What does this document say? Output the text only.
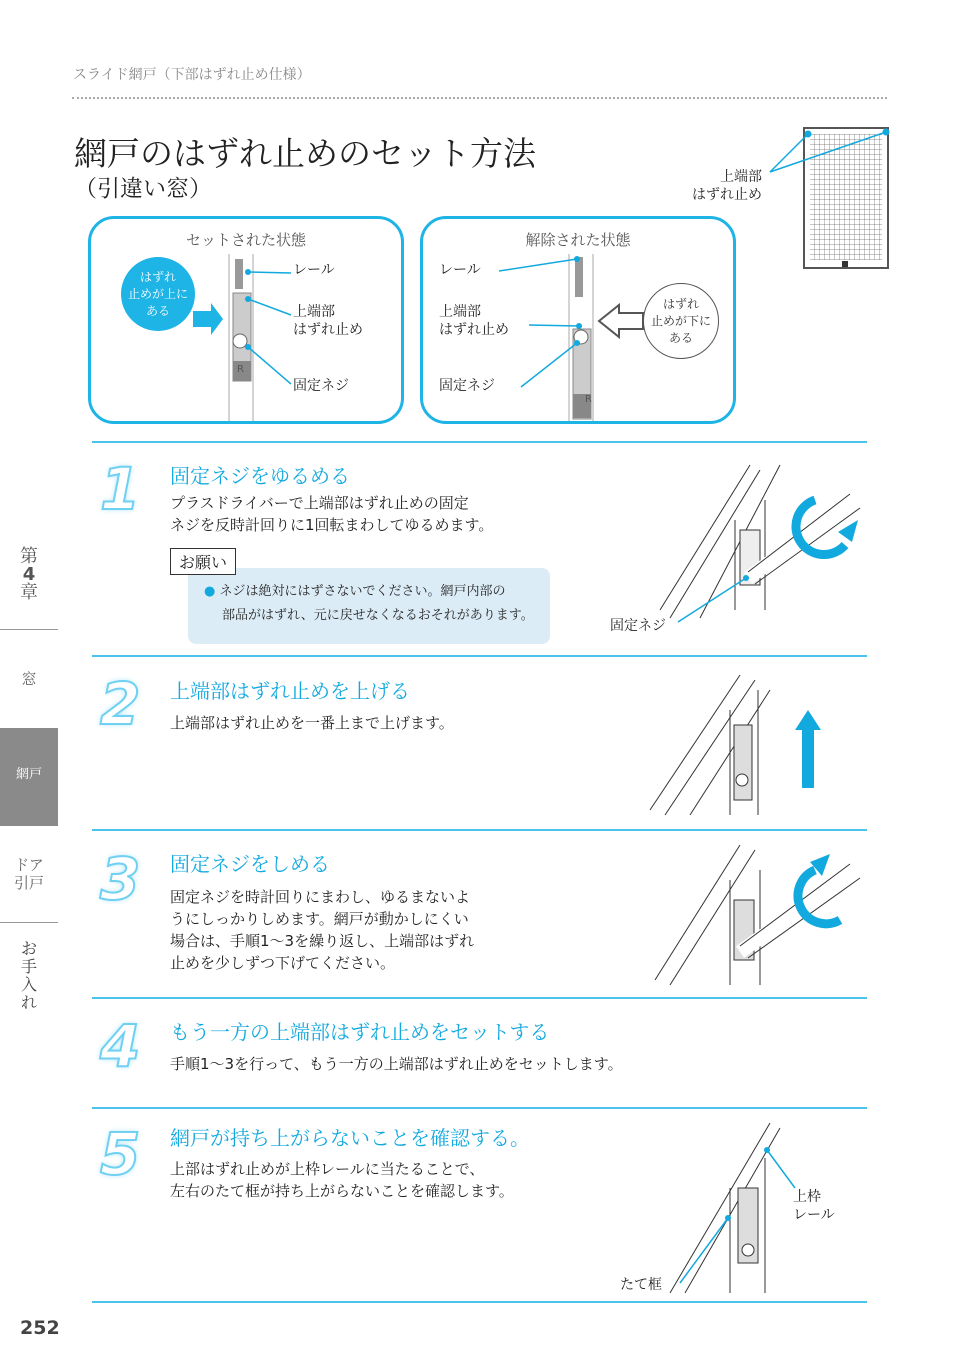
スライド網戸（下部はずれ止め仕様）
網戸のはずれ止めのセット方法
（引違い窓）	上端部
はずれ止め
セットされた状態
はずれ
止めが上に
ある
R
レール
上端部
はずれ止め
固定ネジ
解除された状態
レール
上端部
はずれ止め
固定ネジ
R
はずれ
止めが下に
ある
1 固定ネジをゆるめる
プラスドライバーで上端部はずれ止めの固定
ネジを反時計回りに1回転まわしてゆるめます。
● ネジは絶対にはずさないでください。網戸内部の
部品がはずれ、元に戻せなくなるおそれがあります。
お願い
固定ネジ
2 上端部はずれ止めを上げる
上端部はずれ止めを一番上まで上げます。
3 固定ネジをしめる
固定ネジを時計回りにまわし、ゆるまないよ
うにしっかりしめます。網戸が動かしにくい
場合は、手順1〜3を繰り返し、上端部はずれ
止めを少しずつ下げてください。
4 もう一方の上端部はずれ止めをセットする
手順1〜3を行って、もう一方の上端部はずれ止めをセットします。
5 網戸が持ち上がらないことを確認する。
上部はずれ止めが上枠レールに当たることで、
左右のたて框が持ち上がらないことを確認します。	上枠
レール
たて框
第
4
章
窓
網戸
ドア
引戸
お
手
入
れ
252
